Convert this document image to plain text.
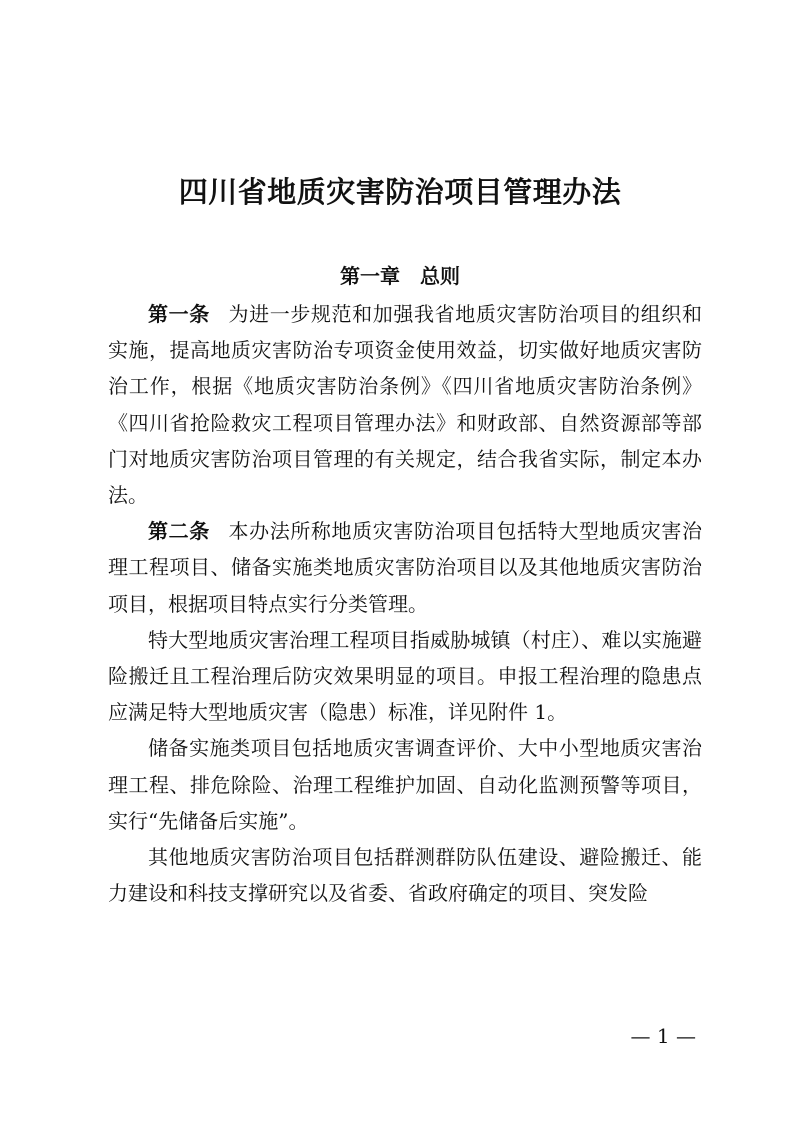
四川省地质灾害防治项目管理办法
第一章　总则

第一条 为进一步规范和加强我省地质灾害防治项目的组织和实施，提高地质灾害防治专项资金使用效益，切实做好地质灾害防治工作，根据《地质灾害防治条例》《四川省地质灾害防治条例》《四川省抢险救灾工程项目管理办法》和财政部、自然资源部等部门对地质灾害防治项目管理的有关规定，结合我省实际，制定本办法。

第二条 本办法所称地质灾害防治项目包括特大型地质灾害治理工程项目、储备实施类地质灾害防治项目以及其他地质灾害防治项目，根据项目特点实行分类管理。

特大型地质灾害治理工程项目指威胁城镇（村庄）、难以实施避险搬迁且工程治理后防灾效果明显的项目。申报工程治理的隐患点应满足特大型地质灾害（隐患）标准，详见附件 1。

储备实施类项目包括地质灾害调查评价、大中小型地质灾害治理工程、排危除险、治理工程维护加固、自动化监测预警等项目，实行“先储备后实施”。

其他地质灾害防治项目包括群测群防队伍建设、避险搬迁、能力建设和科技支撑研究以及省委、省政府确定的项目、突发险

— 1 —
